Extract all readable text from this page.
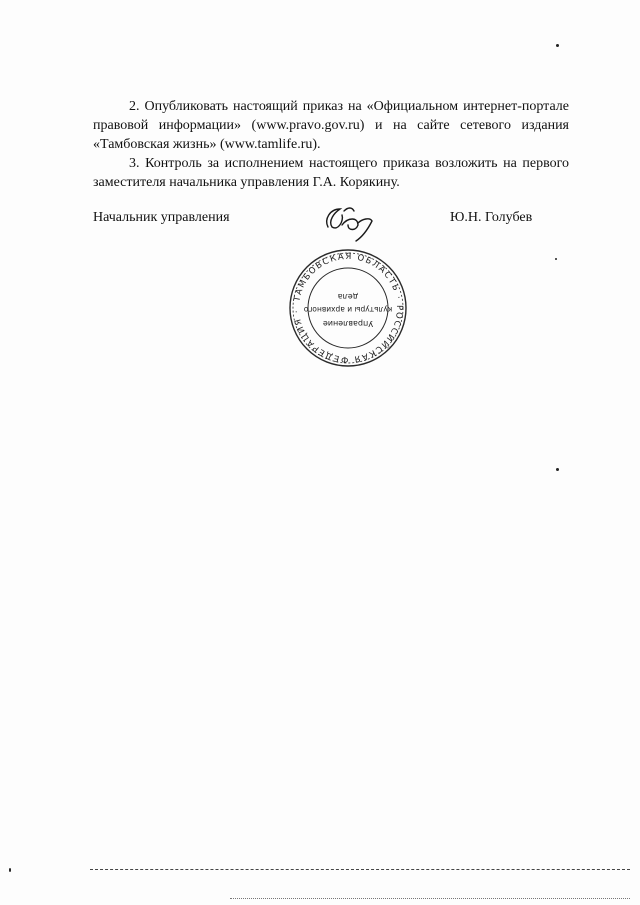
2. Опубликовать настоящий приказ на «Официальном интернет-портале правовой информации» (www.pravo.gov.ru) и на сайте сетевого издания «Тамбовская жизнь» (www.tamlife.ru).

3. Контроль за исполнением настоящего приказа возложить на первого заместителя начальника управления Г.А. Корякину.

Начальник управления	Ю.Н. Голубев
ТАМБОВСКАЯ ОБЛАСТЬ · РОССИЙСКАЯ ФЕДЕРАЦИЯ ·
Управление
культуры и архивного
дела
